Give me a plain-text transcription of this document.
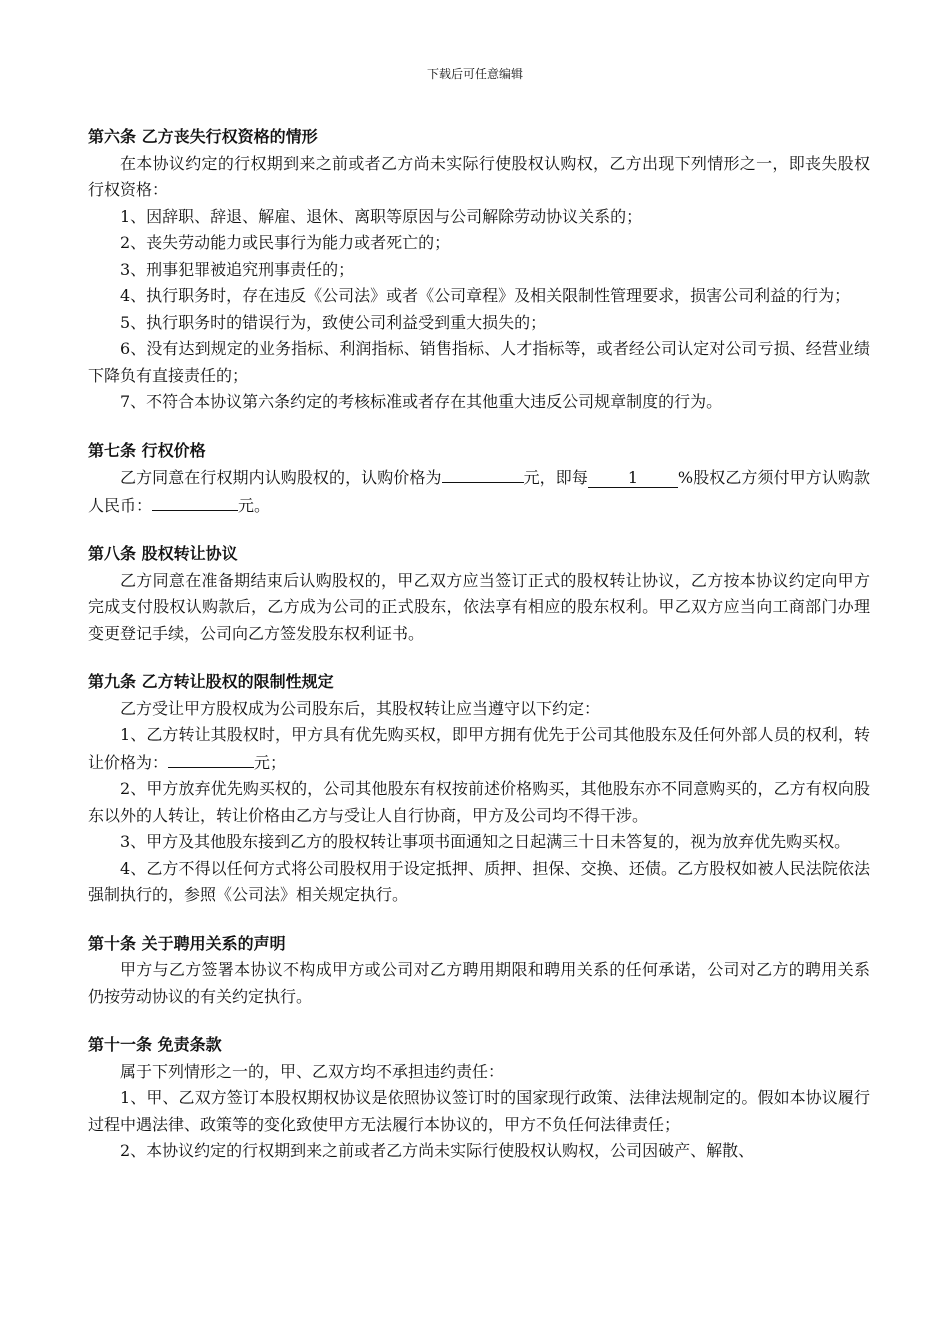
下载后可任意编辑
第六条 乙方丧失行权资格的情形
在本协议约定的行权期到来之前或者乙方尚未实际行使股权认购权，乙方出现下列情形之一，即丧失股权行权资格：
1、因辞职、辞退、解雇、退休、离职等原因与公司解除劳动协议关系的；
2、丧失劳动能力或民事行为能力或者死亡的；
3、刑事犯罪被追究刑事责任的；
4、执行职务时，存在违反《公司法》或者《公司章程》及相关限制性管理要求，损害公司利益的行为；
5、执行职务时的错误行为，致使公司利益受到重大损失的；
6、没有达到规定的业务指标、利润指标、销售指标、人才指标等，或者经公司认定对公司亏损、经营业绩下降负有直接责任的；
7、不符合本协议第六条约定的考核标准或者存在其他重大违反公司规章制度的行为。
第七条 行权价格
乙方同意在行权期内认购股权的，认购价格为	元，即每 1 %股权乙方须付甲方认购款人民币：	元。
第八条 股权转让协议
乙方同意在准备期结束后认购股权的，甲乙双方应当签订正式的股权转让协议，乙方按本协议约定向甲方完成支付股权认购款后，乙方成为公司的正式股东，依法享有相应的股东权利。甲乙双方应当向工商部门办理变更登记手续，公司向乙方签发股东权利证书。
第九条 乙方转让股权的限制性规定
乙方受让甲方股权成为公司股东后，其股权转让应当遵守以下约定：
1、乙方转让其股权时，甲方具有优先购买权，即甲方拥有优先于公司其他股东及任何外部人员的权利，转让价格为：	元；
2、甲方放弃优先购买权的，公司其他股东有权按前述价格购买，其他股东亦不同意购买的，乙方有权向股东以外的人转让，转让价格由乙方与受让人自行协商，甲方及公司均不得干涉。
3、甲方及其他股东接到乙方的股权转让事项书面通知之日起满三十日未答复的，视为放弃优先购买权。
4、乙方不得以任何方式将公司股权用于设定抵押、质押、担保、交换、还债。乙方股权如被人民法院依法强制执行的，参照《公司法》相关规定执行。
第十条 关于聘用关系的声明
甲方与乙方签署本协议不构成甲方或公司对乙方聘用期限和聘用关系的任何承诺，公司对乙方的聘用关系仍按劳动协议的有关约定执行。
第十一条 免责条款
属于下列情形之一的，甲、乙双方均不承担违约责任：
1、甲、乙双方签订本股权期权协议是依照协议签订时的国家现行政策、法律法规制定的。假如本协议履行过程中遇法律、政策等的变化致使甲方无法履行本协议的，甲方不负任何法律责任；
2、本协议约定的行权期到来之前或者乙方尚未实际行使股权认购权，公司因破产、解散、
